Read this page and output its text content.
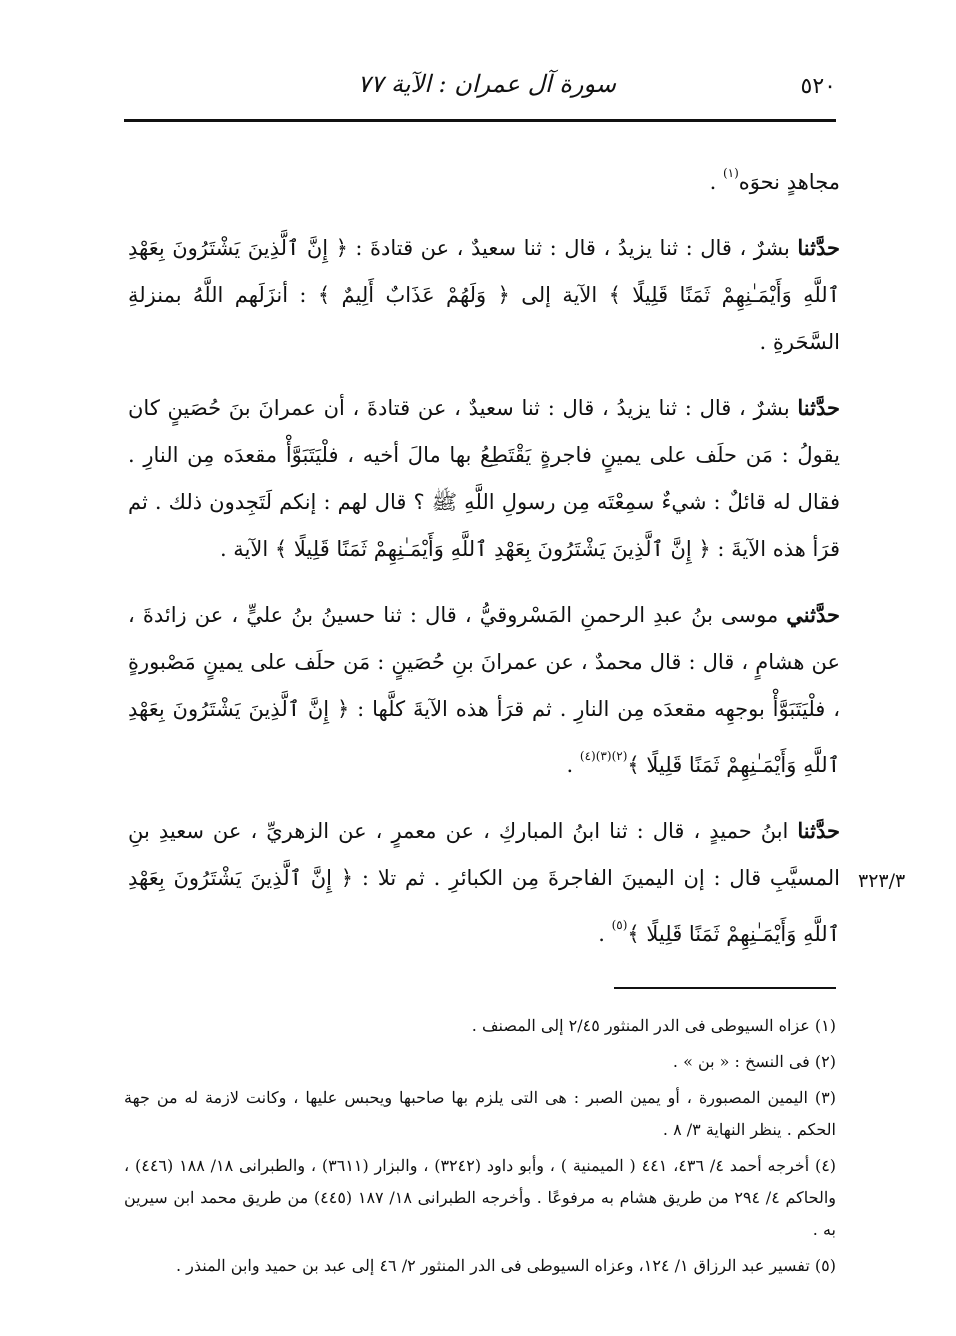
٥٢٠
سورة آل عمران : الآية ٧٧

مجاهدٍ نحوَه$^{(١)}$ .

حدَّثنا بشرٌ ، قال : ثنا يزيدُ ، قال : ثنا سعيدٌ ، عن قتادةَ : ﴿ إِنَّ ٱلَّذِينَ يَشْتَرُونَ بِعَهْدِ ٱللَّهِ وَأَيْمَـٰنِهِمْ ثَمَنًا قَلِيلًا ﴾ الآية إلى ﴿ وَلَهُمْ عَذَابٌ أَلِيمٌ ﴾ : أنزَلَهم اللَّهُ بمنزلةِ السَّحَرةِ .

حدَّثنا بشرٌ ، قال : ثنا يزيدُ ، قال : ثنا سعيدٌ ، عن قتادةَ ، أن عمرانَ بنَ حُصَينٍ كان يقولُ : مَن حلَف على يمينٍ فاجرةٍ يَقْتَطِعُ بها مالَ أخيه ، فلْيَتَبَوَّأْ مقعدَه مِن النارِ . فقال له قائلٌ : شيءٌ سمِعْتَه مِن رسولِ اللَّهِ ﷺ ؟ قال لهم : إنكم لَتَجِدون ذلك . ثم قرَأ هذه الآيةَ : ﴿ إِنَّ ٱلَّذِينَ يَشْتَرُونَ بِعَهْدِ ٱللَّهِ وَأَيْمَـٰنِهِمْ ثَمَنًا قَلِيلًا ﴾ الآية .

حدَّثني موسى بنُ عبدِ الرحمنِ المَسْروقيُّ ، قال : ثنا حسينُ بنُ عليٍّ ، عن زائدةَ ، عن هشامٍ ، قال : قال محمدٌ ، عن عمرانَ بنِ حُصَينٍ : مَن حلَف على يمينٍ مَصْبورةٍ ، فلْيَتَبَوَّأْ بوجهِه مقعدَه مِن النارِ . ثم قرَأ هذه الآيةَ كلَّها : ﴿ إِنَّ ٱلَّذِينَ يَشْتَرُونَ بِعَهْدِ ٱللَّهِ وَأَيْمَـٰنِهِمْ ثَمَنًا قَلِيلًا ﴾$^{(٢)(٣)(٤)}$ .

حدَّثنا ابنُ حميدٍ ، قال : ثنا ابنُ المباركِ ، عن معمرٍ ، عن الزهريِّ ، عن سعيدِ بنِ المسيَّبِ قال : إن اليمينَ الفاجرةَ مِن الكبائرِ . ثم تلا : ﴿ إِنَّ ٱلَّذِينَ يَشْتَرُونَ بِعَهْدِ ٱللَّهِ وَأَيْمَـٰنِهِمْ ثَمَنًا قَلِيلًا ﴾$^{(٥)}$ .

٣٢٣/٣

(١) عزاه السيوطى فى الدر المنثور ٢/٤٥ إلى المصنف .

(٢) فى النسخ : « بن » .

(٣) اليمين المصبورة ، أو يمين الصبر : هى التى يلزم بها صاحبها ويحبس عليها ، وكانت لازمة له من جهة الحكم . ينظر النهاية ٣/ ٨ .

(٤) أخرجه أحمد ٤/ ٤٣٦، ٤٤١ ( الميمنية ) ، وأبو داود (٣٢٤٢) ، والبزار (٣٦١١) ، والطبرانى ١٨/ ١٨٨ (٤٤٦) ، والحاكم ٤/ ٢٩٤ من طريق هشام به مرفوعًا . وأخرجه الطبرانى ١٨/ ١٨٧ (٤٤٥) من طريق محمد ابن سيرين به .

(٥) تفسير عبد الرزاق ١/ ١٢٤، وعزاه السيوطى فى الدر المنثور ٢/ ٤٦ إلى عبد بن حميد وابن المنذر .
